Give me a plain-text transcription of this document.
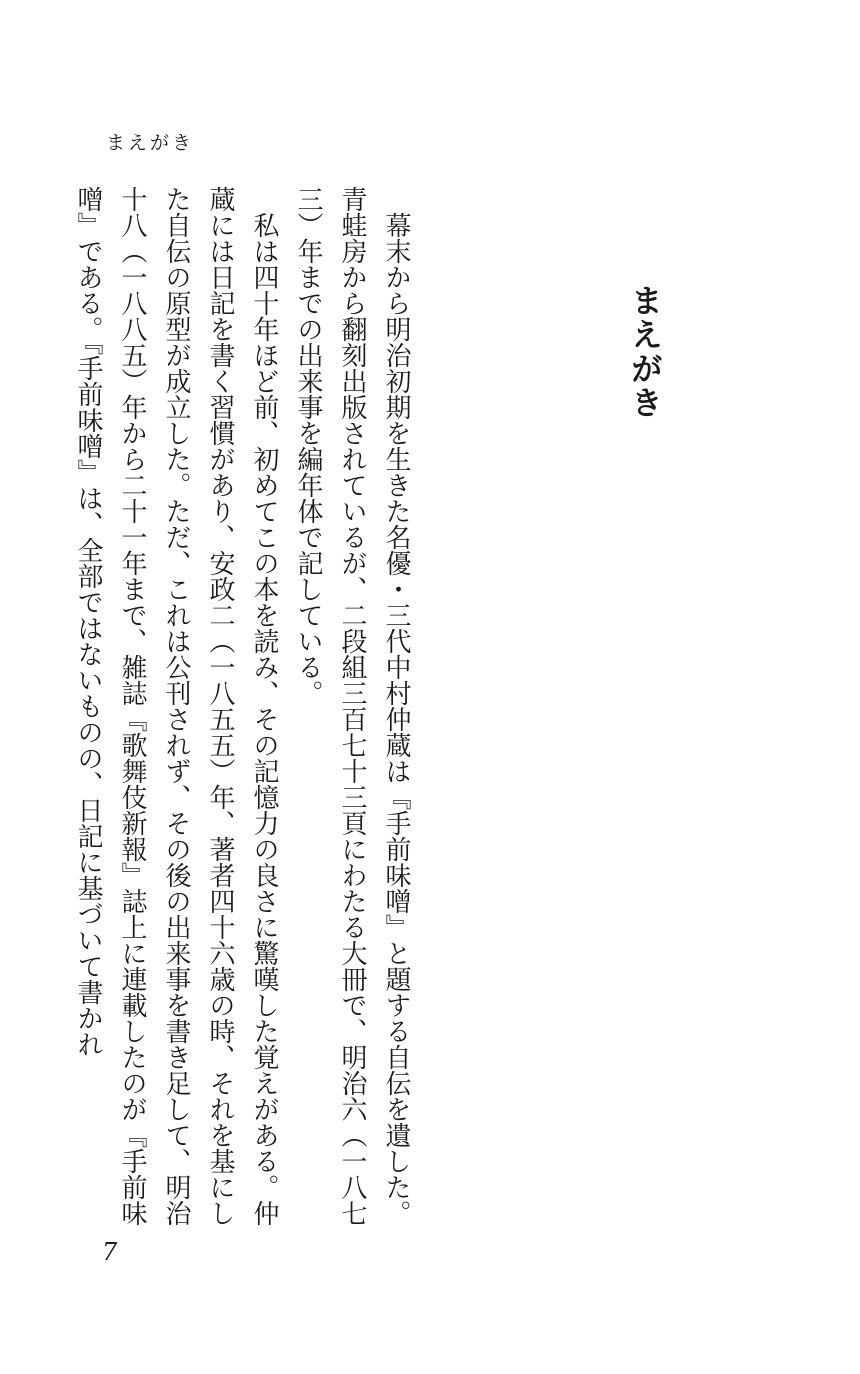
まえがき
まえがき

幕末から明治初期を生きた名優・三代中村仲蔵は『手前味噌』と題する自伝を遺した。青蛙房から翻刻出版されているが、二段組三百七十三頁にわたる大冊で、明治六（一八七三）年までの出来事を編年体で記している。

私は四十年ほど前、初めてこの本を読み、その記憶力の良さに驚嘆した覚えがある。仲蔵には日記を書く習慣があり、安政二（一八五五）年、著者四十六歳の時、それを基にした自伝の原型が成立した。ただ、これは公刊されず、その後の出来事を書き足して、明治十八（一八八五）年から二十一年まで、雑誌『歌舞伎新報』誌上に連載したのが『手前味噌』である。『手前味噌』は、全部ではないものの、日記に基づいて書かれ

7
